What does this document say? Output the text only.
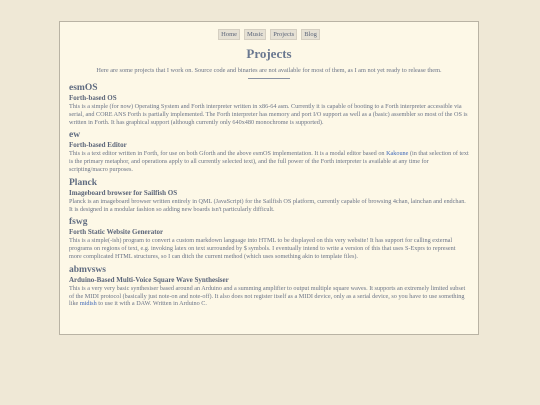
Home	Music	Projects	Blog
Projects

Here are some projects that I work on. Source code and binaries are not available for most of them, as I am not yet ready to release them.

esmOS

Forth-based OS

This is a simple (for now) Operating System and Forth interpreter written in x86-64 asm. Currently it is capable of booting to a Forth interpreter accessible via serial, and CORE ANS Forth is partially implemented. The Forth interpreter has memory and port I/O support as well as a (basic) assembler so most of the OS is written in Forth. It has graphical support (although currently only 640x480 monochrome is supported).

ew

Forth-based Editor

This is a text editor written in Forth, for use on both Gforth and the above esmOS implementation. It is a modal editor based on Kakoune (in that selection of text is the primary metaphor, and operations apply to all currently selected text), and the full power of the Forth interpreter is available at any time for scripting/macro purposes.

Planck

Imageboard browser for Sailfish OS

Planck is an imageboard browser written entirely in QML (JavaScript) for the Sailfish OS platform, currently capable of browsing 4chan, lainchan and endchan. It is designed in a modular fashion so adding new boards isn't particularly difficult.

fswg

Forth Static Website Generator

This is a simple(-ish) program to convert a custom markdown language into HTML to be displayed on this very website! It has support for calling external programs on regions of text, e.g. invoking latex on text surrounded by $ symbols. I eventually intend to write a version of this that uses S-Exprs to represent more complicated HTML structures, so I can ditch the current method (which uses something akin to template files).

abmvsws

Arduino-Based Multi-Voice Square Wave Synthesiser

This is a very very basic synthesiser based around an Arduino and a summing amplifier to output multiple square waves. It supports an extremely limited subset of the MIDI protocol (basically just note-on and note-off). It also does not register itself as a MIDI device, only as a serial device, so you have to use something like midish to use it with a DAW. Written in Arduino C.
